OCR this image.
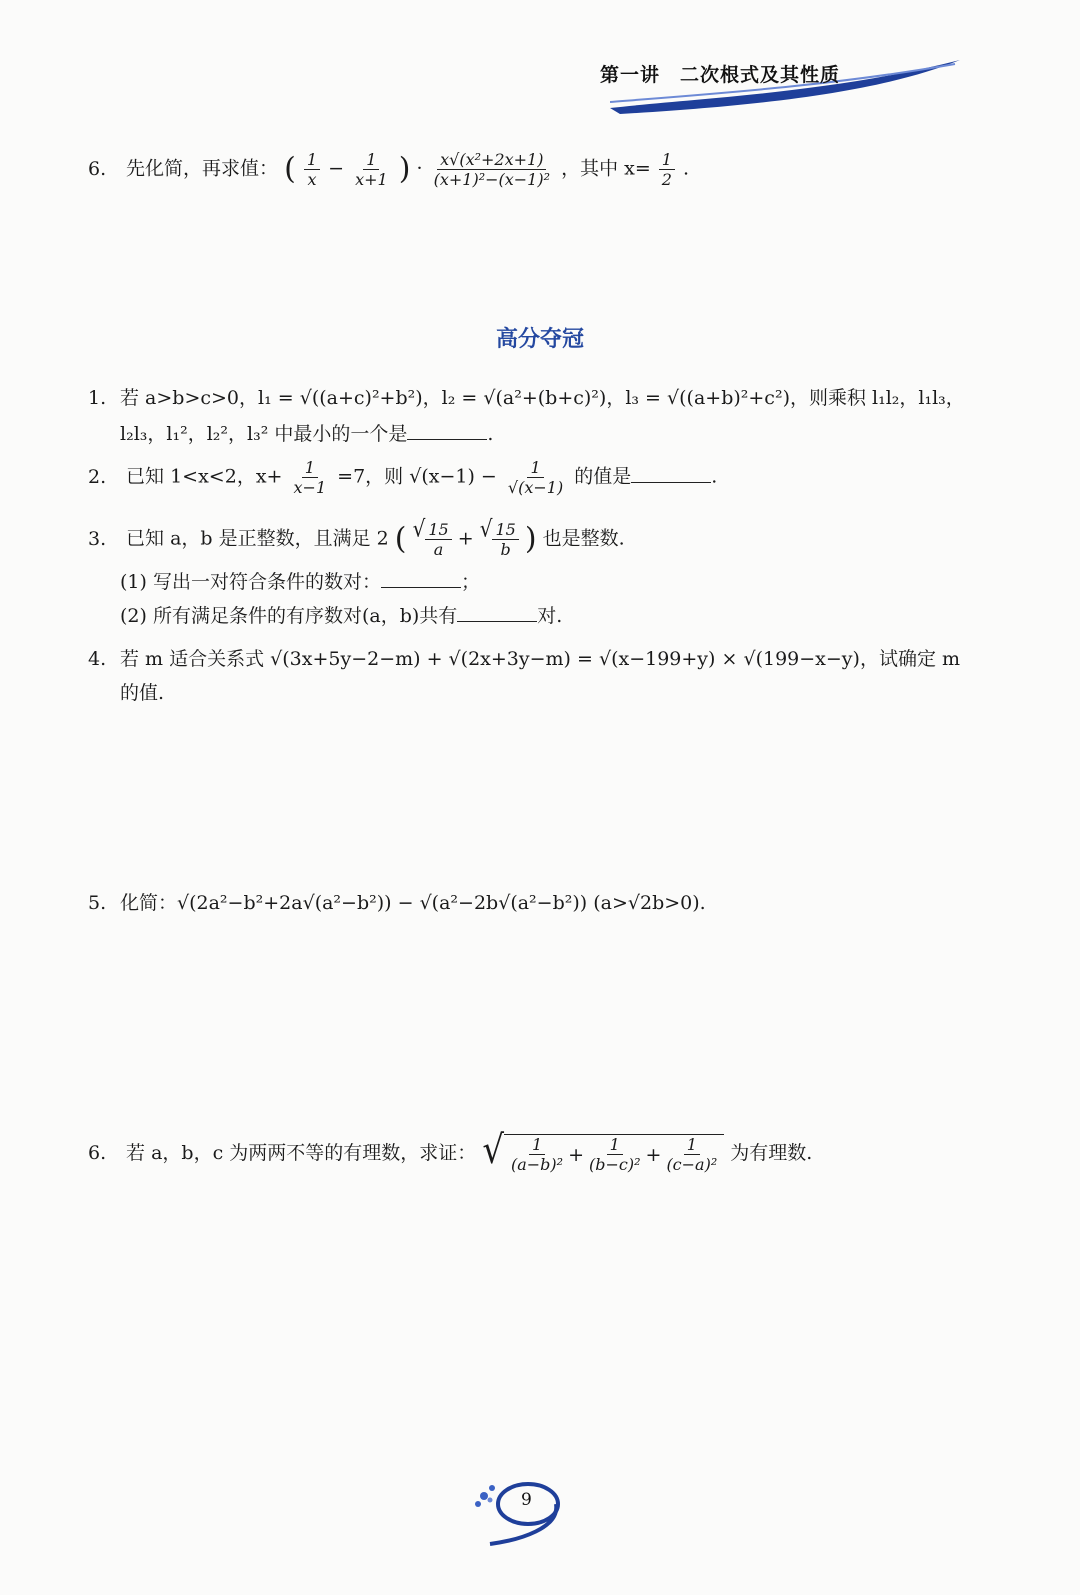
第一讲　二次根式及其性质
6. 先化简，再求值： ( $\frac{1}{x} - \frac{1}{x+1}$ ) · $\frac{\text{x√(x²+2x+1)}}{\text{(x+1)²−(x−1)²}}$ ，其中 $x= \frac{1}{2}$ .
高分夺冠
1. 若 a>b>c>0，l₁ = √((a+c)²+b²)，l₂ = √(a²+(b+c)²)，l₃ = √((a+b)²+c²)，则乘积 l₁l₂，l₁l₃，
l₂l₃，l₁²，l₂²，l₃² 中最小的一个是	.
2. 已知 1<x<2，$x+ \frac{1}{x-1} =7$，则 $√(x-1) - \frac{1}{√(x-1)}$ 的值是	.
3. 已知 a，b 是正整数，且满足 2 ( √ $\frac{15}{a}$ + √ $\frac{15}{b}$ ) 也是整数.
(1) 写出一对符合条件的数对：	；
(2) 所有满足条件的有序数对(a，b)共有	对.
4. 若 m 适合关系式 √(3x+5y−2−m) + √(2x+3y−m) = √(x−199+y) × √(199−x−y)，试确定 m
的值.
5. 化简：√(2a²−b²+2a√(a²−b²)) − √(a²−2b√(a²−b²)) (a>√2b>0).
6. 若 a，b，c 为两两不等的有理数，求证： √ $\frac{1}{\text{(a−b)²}} + \frac{1}{\text{(b−c)²}} + \frac{1}{\text{(c−a)²}}$ 为有理数.
9
